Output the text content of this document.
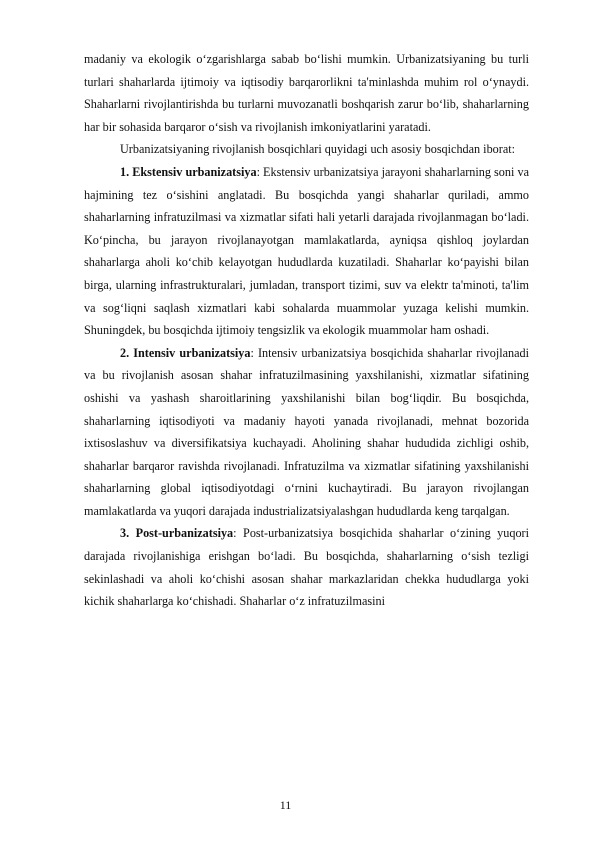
madaniy va ekologik o‘zgarishlarga sabab bo‘lishi mumkin. Urbanizatsiyaning bu turli turlari shaharlarda ijtimoiy va iqtisodiy barqarorlikni ta'minlashda muhim rol o‘ynaydi. Shaharlarni rivojlantirishda bu turlarni muvozanatli boshqarish zarur bo‘lib, shaharlarning har bir sohasida barqaror o‘sish va rivojlanish imkoniyatlarini yaratadi.

Urbanizatsiyaning rivojlanish bosqichlari quyidagi uch asosiy bosqichdan iborat:

1. Ekstensiv urbanizatsiya: Ekstensiv urbanizatsiya jarayoni shaharlarning soni va hajmining tez o‘sishini anglatadi. Bu bosqichda yangi shaharlar quriladi, ammo shaharlarning infratuzilmasi va xizmatlar sifati hali yetarli darajada rivojlanmagan bo‘ladi. Ko‘pincha, bu jarayon rivojlanayotgan mamlakatlarda, ayniqsa qishloq joylardan shaharlarga aholi ko‘chib kelayotgan hududlarda kuzatiladi. Shaharlar ko‘payishi bilan birga, ularning infrastrukturalari, jumladan, transport tizimi, suv va elektr ta'minoti, ta'lim va sog‘liqni saqlash xizmatlari kabi sohalarda muammolar yuzaga kelishi mumkin. Shuningdek, bu bosqichda ijtimoiy tengsizlik va ekologik muammolar ham oshadi.

2. Intensiv urbanizatsiya: Intensiv urbanizatsiya bosqichida shaharlar rivojlanadi va bu rivojlanish asosan shahar infratuzilmasining yaxshilanishi, xizmatlar sifatining oshishi va yashash sharoitlarining yaxshilanishi bilan bog‘liqdir. Bu bosqichda, shaharlarning iqtisodiyoti va madaniy hayoti yanada rivojlanadi, mehnat bozorida ixtisoslashuv va diversifikatsiya kuchayadi. Aholining shahar hududida zichligi oshib, shaharlar barqaror ravishda rivojlanadi. Infratuzilma va xizmatlar sifatining yaxshilanishi shaharlarning global iqtisodiyotdagi o‘rnini kuchaytiradi. Bu jarayon rivojlangan mamlakatlarda va yuqori darajada industrializatsiyalashgan hududlarda keng tarqalgan.

3. Post-urbanizatsiya: Post-urbanizatsiya bosqichida shaharlar o‘zining yuqori darajada rivojlanishiga erishgan bo‘ladi. Bu bosqichda, shaharlarning o‘sish tezligi sekinlashadi va aholi ko‘chishi asosan shahar markazlaridan chekka hududlarga yoki kichik shaharlarga ko‘chishadi. Shaharlar o‘z infratuzilmasini

11
